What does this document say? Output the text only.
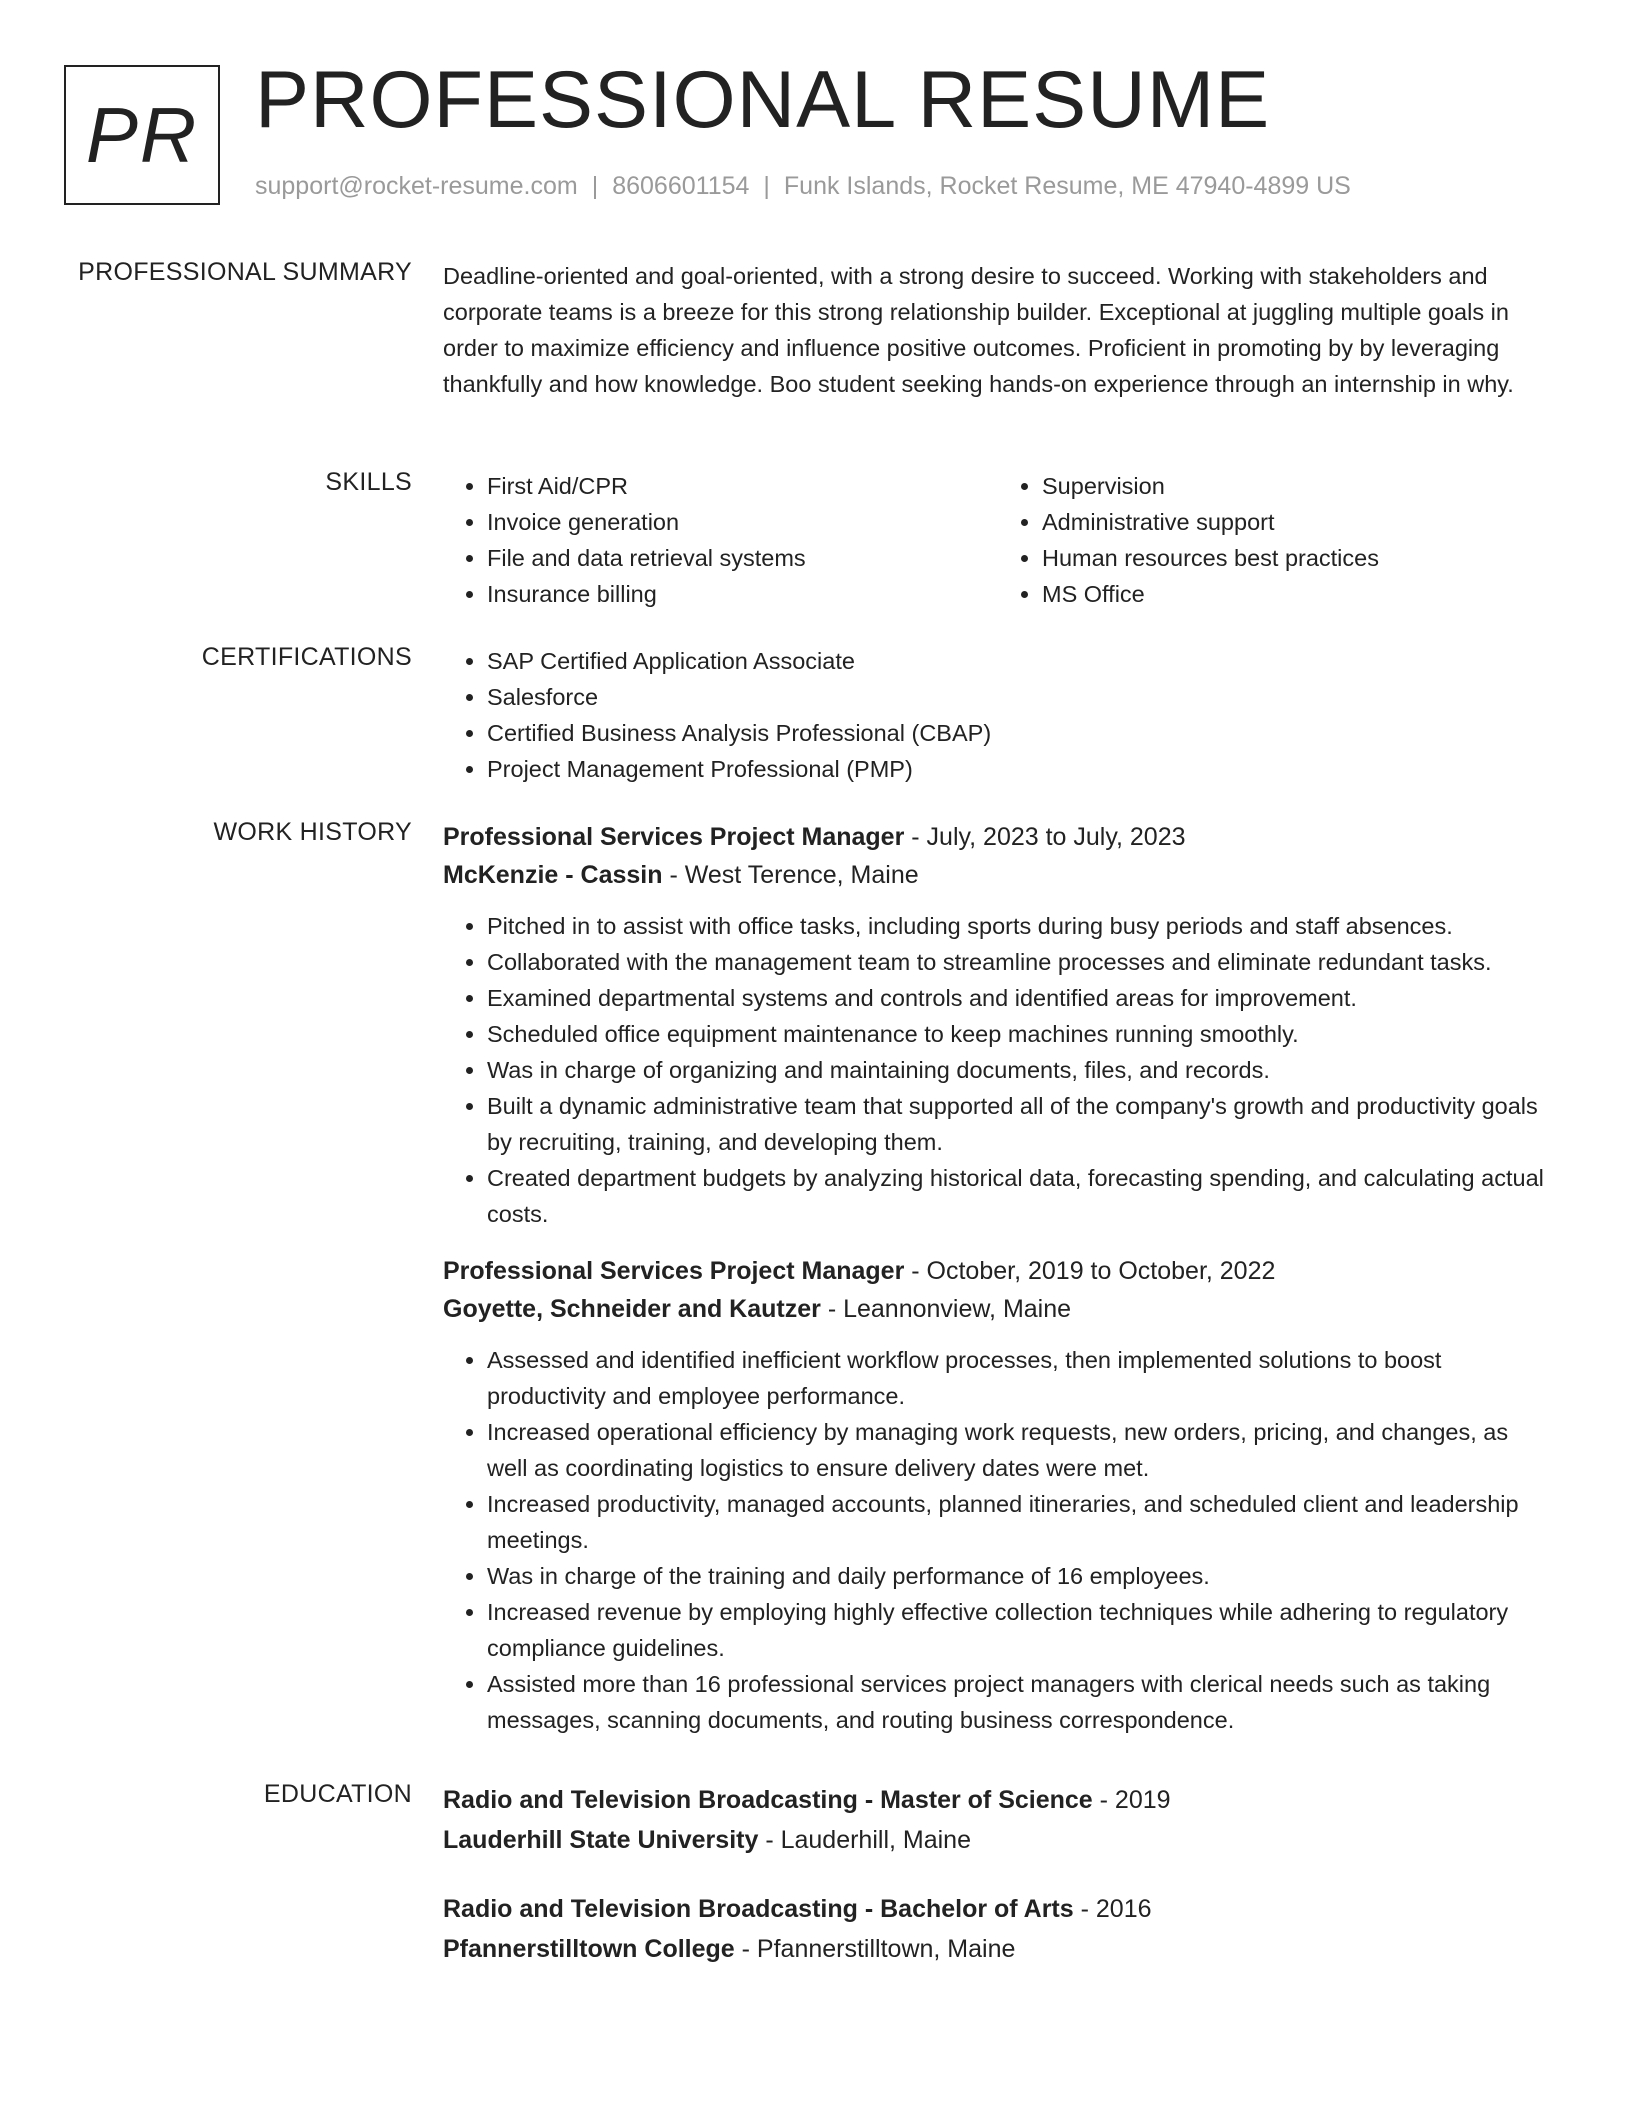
PR PROFESSIONAL RESUME
support@rocket-resume.com | 8606601154 | Funk Islands, Rocket Resume, ME 47940-4899 US
PROFESSIONAL SUMMARY Deadline-oriented and goal-oriented, with a strong desire to succeed. Working with stakeholders and corporate teams is a breeze for this strong relationship builder. Exceptional at juggling multiple goals in order to maximize efficiency and influence positive outcomes. Proficient in promoting by by leveraging thankfully and how knowledge. Boo student seeking hands-on experience through an internship in why.

SKILLS	• First Aid/CPR
• Invoice generation
• File and data retrieval systems
• Insurance billing
• Supervision
• Administrative support
• Human resources best practices
• MS Office
CERTIFICATIONS	• SAP Certified Application Associate
• Salesforce
• Certified Business Analysis Professional (CBAP)
• Project Management Professional (PMP)
WORK HISTORY Professional Services Project Manager - July, 2023 to July, 2023
McKenzie - Cassin - West Terence, Maine
• Pitched in to assist with office tasks, including sports during busy periods and staff absences.
• Collaborated with the management team to streamline processes and eliminate redundant tasks.
• Examined departmental systems and controls and identified areas for improvement.
• Scheduled office equipment maintenance to keep machines running smoothly.
• Was in charge of organizing and maintaining documents, files, and records.
• Built a dynamic administrative team that supported all of the company's growth and productivity goals by recruiting, training, and developing them.
• Created department budgets by analyzing historical data, forecasting spending, and calculating actual costs.
Professional Services Project Manager - October, 2019 to October, 2022
Goyette, Schneider and Kautzer - Leannonview, Maine
• Assessed and identified inefficient workflow processes, then implemented solutions to boost productivity and employee performance.
• Increased operational efficiency by managing work requests, new orders, pricing, and changes, as well as coordinating logistics to ensure delivery dates were met.
• Increased productivity, managed accounts, planned itineraries, and scheduled client and leadership meetings.
• Was in charge of the training and daily performance of 16 employees.
• Increased revenue by employing highly effective collection techniques while adhering to regulatory compliance guidelines.
• Assisted more than 16 professional services project managers with clerical needs such as taking messages, scanning documents, and routing business correspondence.
EDUCATION Radio and Television Broadcasting - Master of Science - 2019
Lauderhill State University - Lauderhill, Maine
Radio and Television Broadcasting - Bachelor of Arts - 2016
Pfannerstilltown College - Pfannerstilltown, Maine
